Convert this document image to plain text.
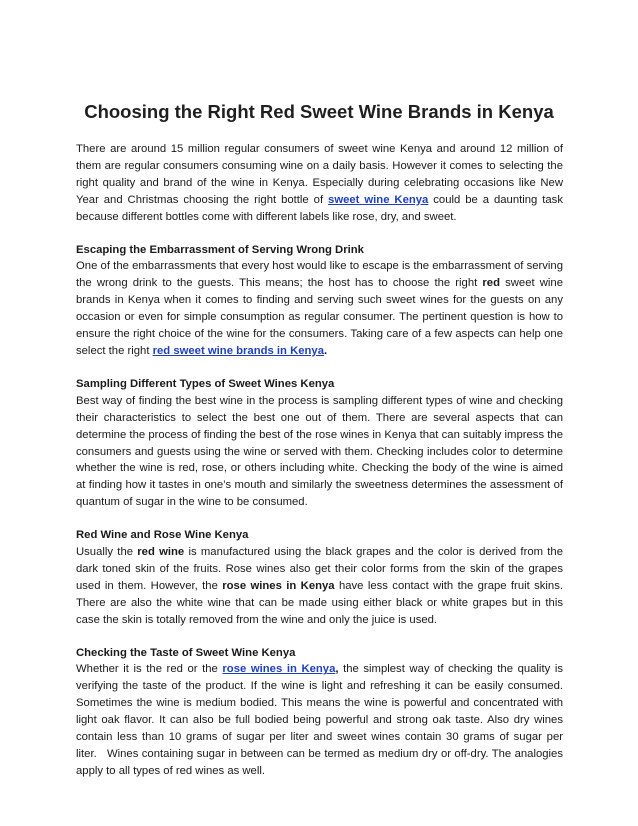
Choosing the Right Red Sweet Wine Brands in Kenya

There are around 15 million regular consumers of sweet wine Kenya and around 12 million of them are regular consumers consuming wine on a daily basis. However it comes to selecting the right quality and brand of the wine in Kenya. Especially during celebrating occasions like New Year and Christmas choosing the right bottle of sweet wine Kenya could be a daunting task because different bottles come with different labels like rose, dry, and sweet.

Escaping the Embarrassment of Serving Wrong Drink

One of the embarrassments that every host would like to escape is the embarrassment of serving the wrong drink to the guests. This means; the host has to choose the right red sweet wine brands in Kenya when it comes to finding and serving such sweet wines for the guests on any occasion or even for simple consumption as regular consumer. The pertinent question is how to ensure the right choice of the wine for the consumers. Taking care of a few aspects can help one select the right red sweet wine brands in Kenya.

Sampling Different Types of Sweet Wines Kenya

Best way of finding the best wine in the process is sampling different types of wine and checking their characteristics to select the best one out of them. There are several aspects that can determine the process of finding the best of the rose wines in Kenya that can suitably impress the consumers and guests using the wine or served with them. Checking includes color to determine whether the wine is red, rose, or others including white. Checking the body of the wine is aimed at finding how it tastes in one’s mouth and similarly the sweetness determines the assessment of quantum of sugar in the wine to be consumed.

Red Wine and Rose Wine Kenya

Usually the red wine is manufactured using the black grapes and the color is derived from the dark toned skin of the fruits. Rose wines also get their color forms from the skin of the grapes used in them. However, the rose wines in Kenya have less contact with the grape fruit skins. There are also the white wine that can be made using either black or white grapes but in this case the skin is totally removed from the wine and only the juice is used.

Checking the Taste of Sweet Wine Kenya

Whether it is the red or the rose wines in Kenya, the simplest way of checking the quality is verifying the taste of the product. If the wine is light and refreshing it can be easily consumed. Sometimes the wine is medium bodied. This means the wine is powerful and concentrated with light oak flavor. It can also be full bodied being powerful and strong oak taste. Also dry wines contain less than 10 grams of sugar per liter and sweet wines contain 30 grams of sugar per liter.   Wines containing sugar in between can be termed as medium dry or off-dry. The analogies apply to all types of red wines as well.
